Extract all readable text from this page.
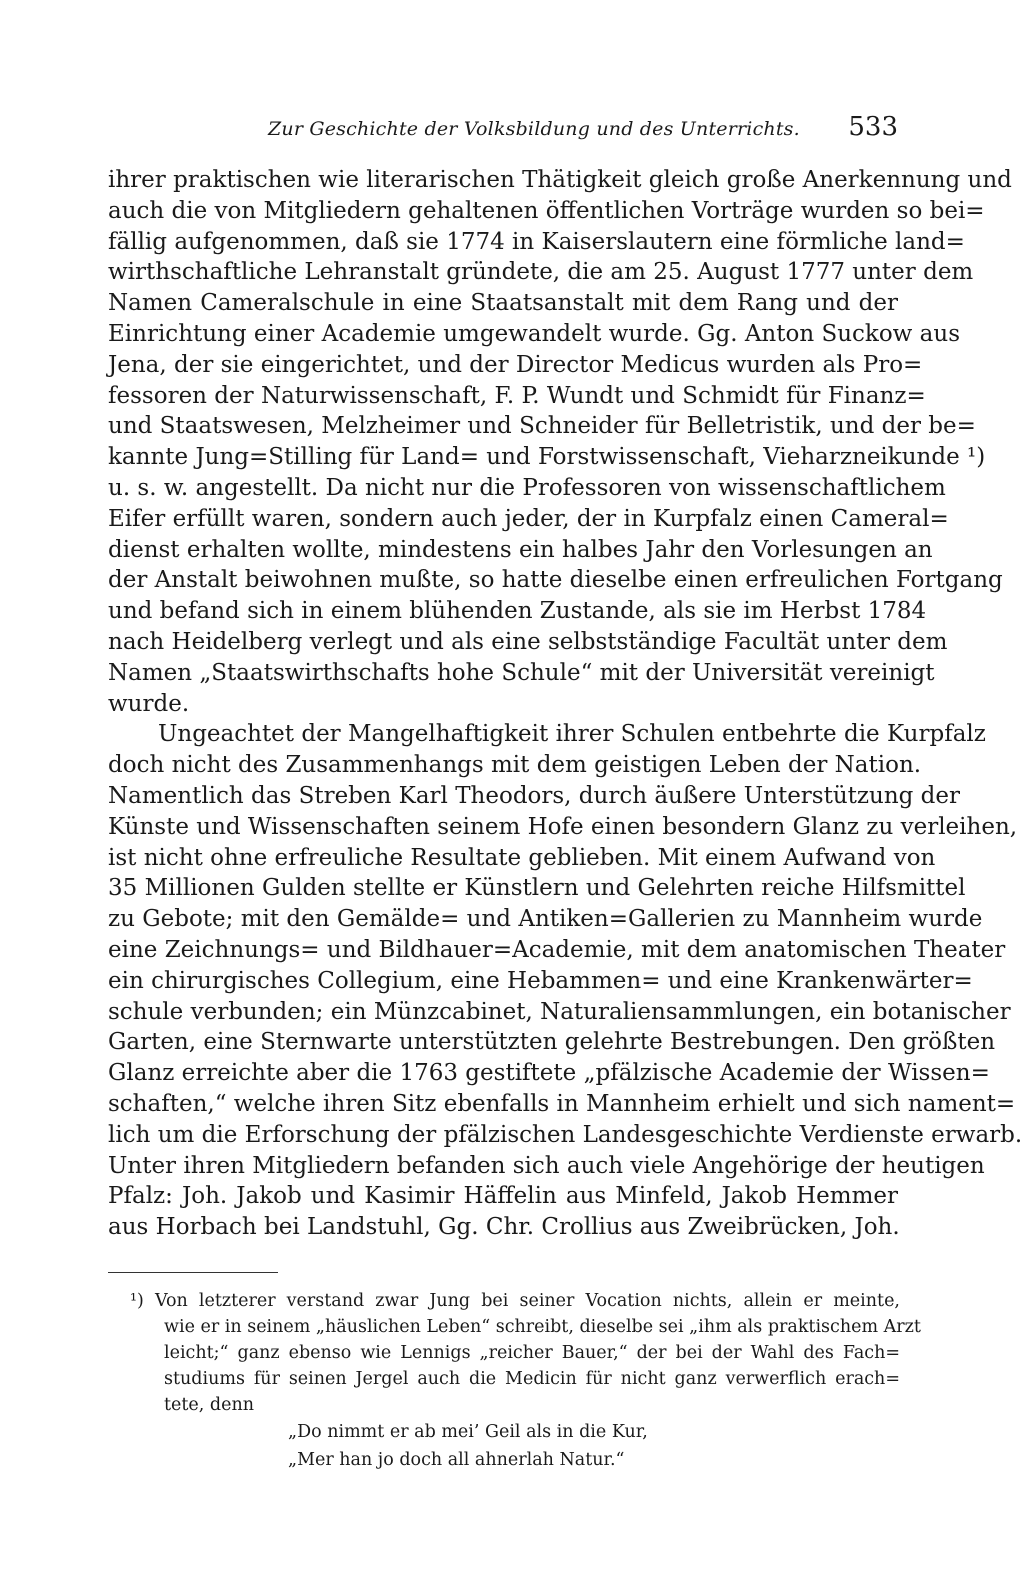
Zur Geschichte der Volksbildung und des Unterrichts.	533
ihrer praktischen wie literarischen Thätigkeit gleich große Anerkennung und
auch die von Mitgliedern gehaltenen öffentlichen Vorträge wurden so bei=
fällig aufgenommen, daß sie 1774 in Kaiserslautern eine förmliche land=
wirthschaftliche Lehranstalt gründete, die am 25. August 1777 unter dem
Namen Cameralschule in eine Staatsanstalt mit dem Rang und der
Einrichtung einer Academie umgewandelt wurde. Gg. Anton Suckow aus
Jena, der sie eingerichtet, und der Director Medicus wurden als Pro=
fessoren der Naturwissenschaft, F. P. Wundt und Schmidt für Finanz=
und Staatswesen, Melzheimer und Schneider für Belletristik, und der be=
kannte Jung=Stilling für Land= und Forstwissenschaft, Vieharzneikunde ¹)
u. s. w. angestellt. Da nicht nur die Professoren von wissenschaftlichem
Eifer erfüllt waren, sondern auch jeder, der in Kurpfalz einen Cameral=
dienst erhalten wollte, mindestens ein halbes Jahr den Vorlesungen an
der Anstalt beiwohnen mußte, so hatte dieselbe einen erfreulichen Fortgang
und befand sich in einem blühenden Zustande, als sie im Herbst 1784
nach Heidelberg verlegt und als eine selbstständige Facultät unter dem
Namen „Staatswirthschafts hohe Schule“ mit der Universität vereinigt
wurde.
Ungeachtet der Mangelhaftigkeit ihrer Schulen entbehrte die Kurpfalz
doch nicht des Zusammenhangs mit dem geistigen Leben der Nation.
Namentlich das Streben Karl Theodors, durch äußere Unterstützung der
Künste und Wissenschaften seinem Hofe einen besondern Glanz zu verleihen,
ist nicht ohne erfreuliche Resultate geblieben. Mit einem Aufwand von
35 Millionen Gulden stellte er Künstlern und Gelehrten reiche Hilfsmittel
zu Gebote; mit den Gemälde= und Antiken=Gallerien zu Mannheim wurde
eine Zeichnungs= und Bildhauer=Academie, mit dem anatomischen Theater
ein chirurgisches Collegium, eine Hebammen= und eine Krankenwärter=
schule verbunden; ein Münzcabinet, Naturaliensammlungen, ein botanischer
Garten, eine Sternwarte unterstützten gelehrte Bestrebungen. Den größten
Glanz erreichte aber die 1763 gestiftete „pfälzische Academie der Wissen=
schaften,“ welche ihren Sitz ebenfalls in Mannheim erhielt und sich nament=
lich um die Erforschung der pfälzischen Landesgeschichte Verdienste erwarb.
Unter ihren Mitgliedern befanden sich auch viele Angehörige der heutigen
Pfalz: Joh. Jakob und Kasimir Häffelin aus Minfeld, Jakob Hemmer
aus Horbach bei Landstuhl, Gg. Chr. Crollius aus Zweibrücken, Joh.
¹) Von letzterer verstand zwar Jung bei seiner Vocation nichts, allein er meinte,
wie er in seinem „häuslichen Leben“ schreibt, dieselbe sei „ihm als praktischem Arzt
leicht;“ ganz ebenso wie Lennigs „reicher Bauer,“ der bei der Wahl des Fach=
studiums für seinen Jergel auch die Medicin für nicht ganz verwerflich erach=
tete, denn
„Do nimmt er ab mei’ Geil als in die Kur,
„Mer han jo doch all ahnerlah Natur.“
